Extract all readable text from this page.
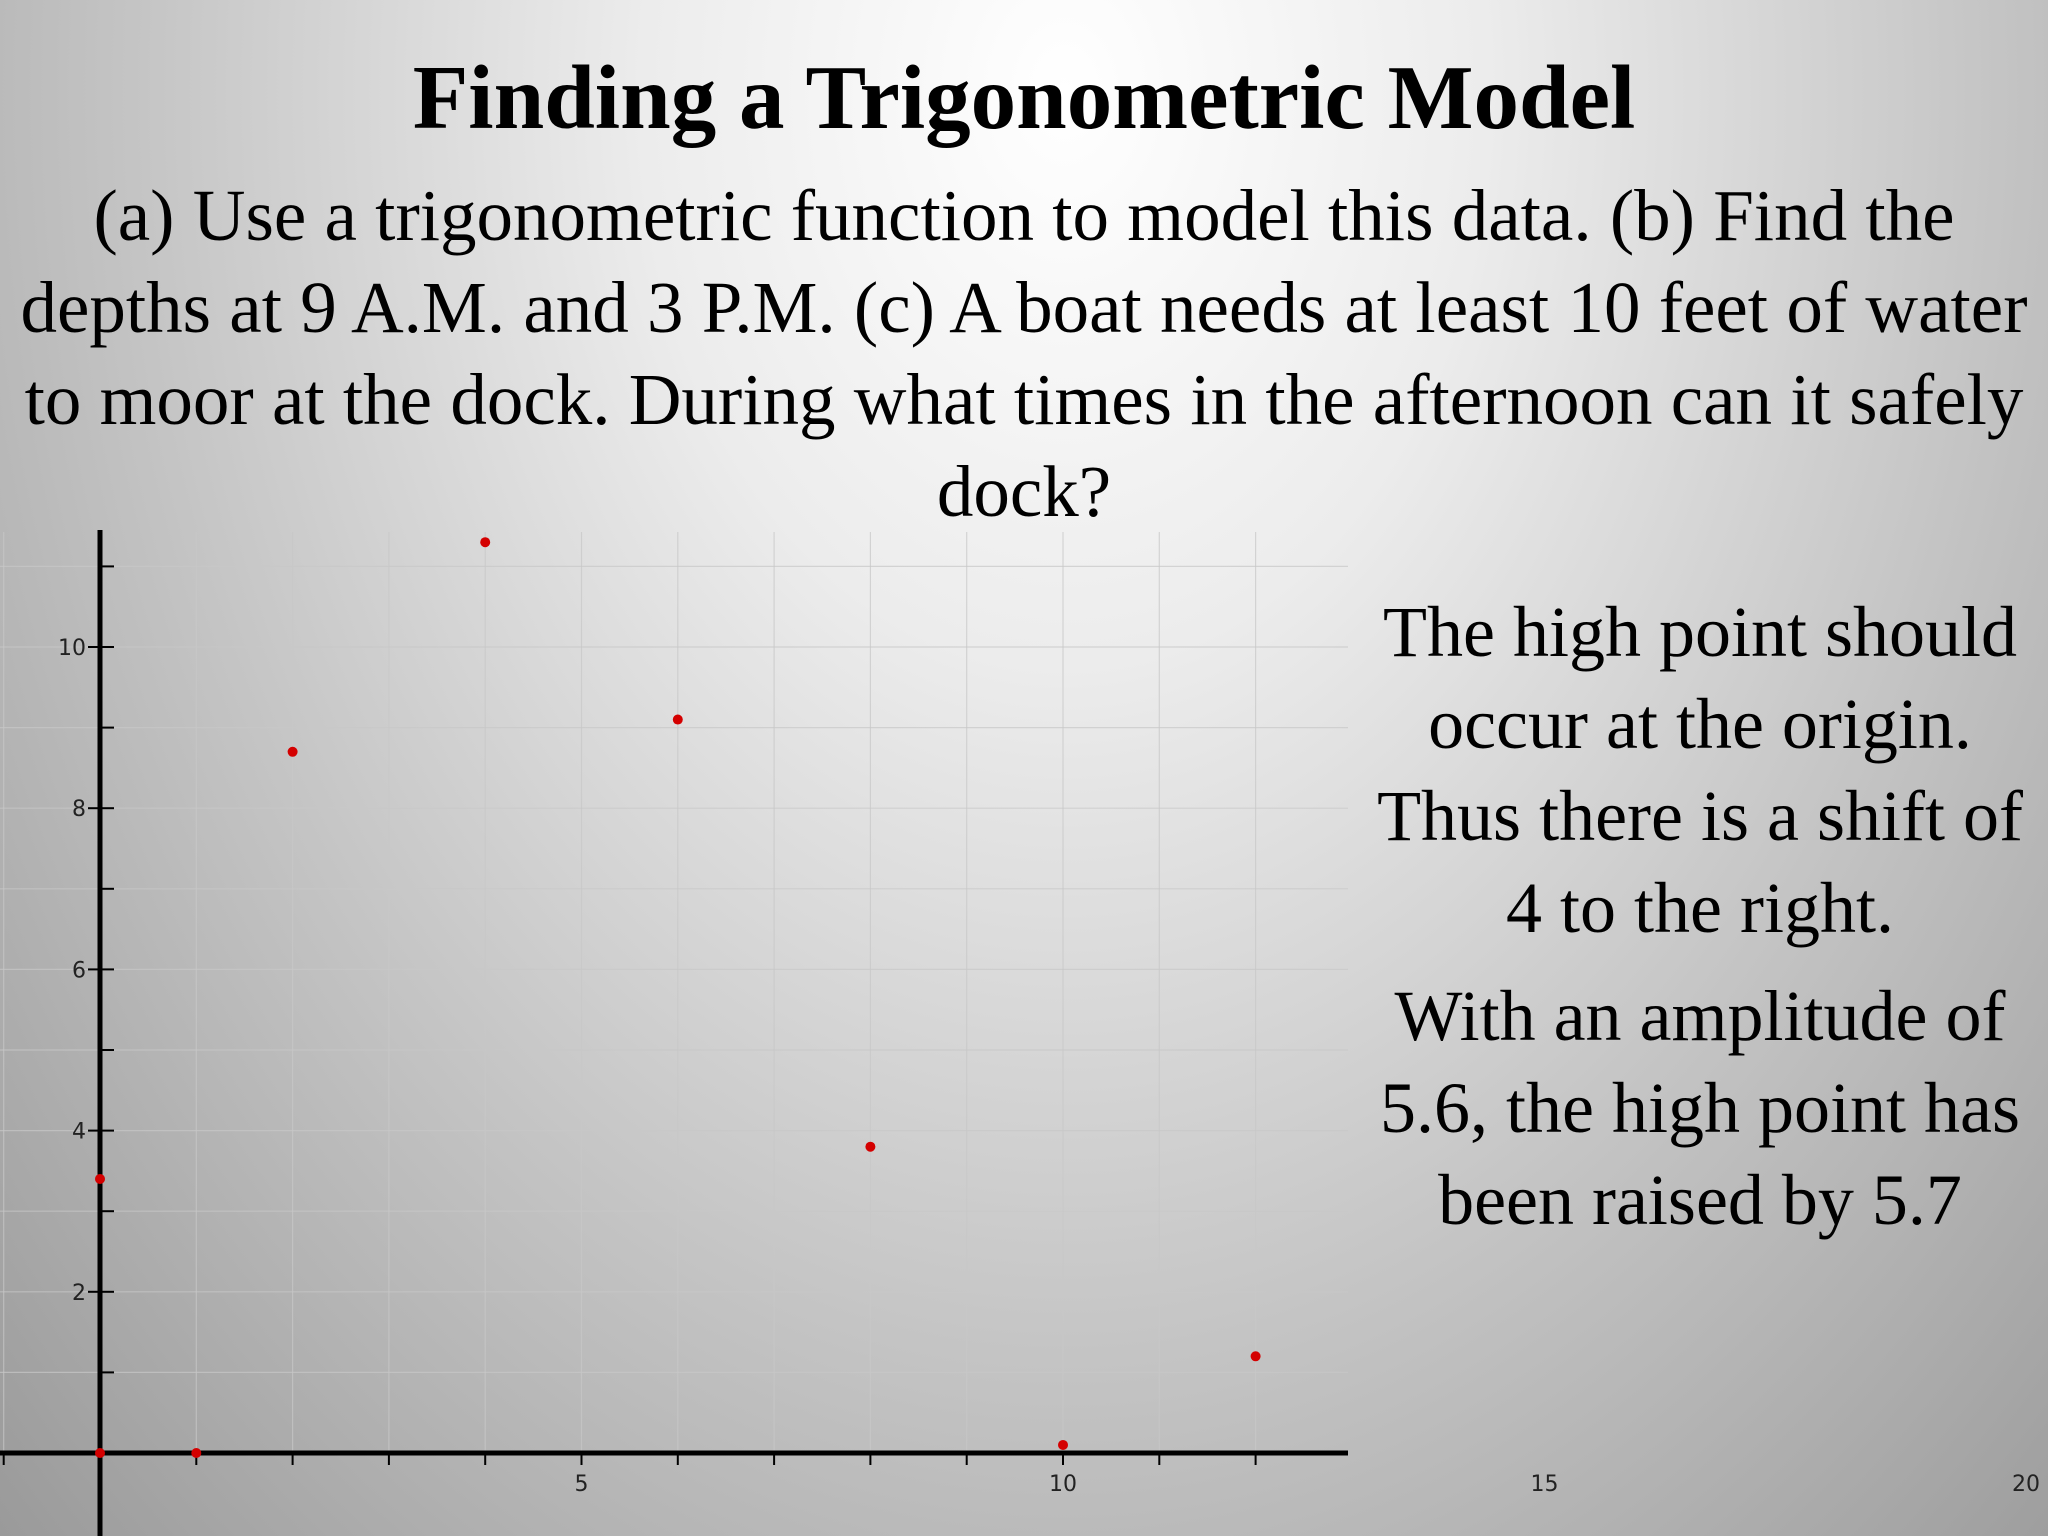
Finding a Trigonometric Model
(a) Use a trigonometric function to model this data. (b) Find the depths at 9 A.M. and 3 P.M. (c) A boat needs at least 10 feet of water to moor at the dock. During what times in the afternoon can it safely dock?
5	10	15	20
2
4
6
8
10	The high point should occur at the origin. Thus there is a shift of 4 to the right.

With an amplitude of 5.6, the high point has been raised by 5.7
